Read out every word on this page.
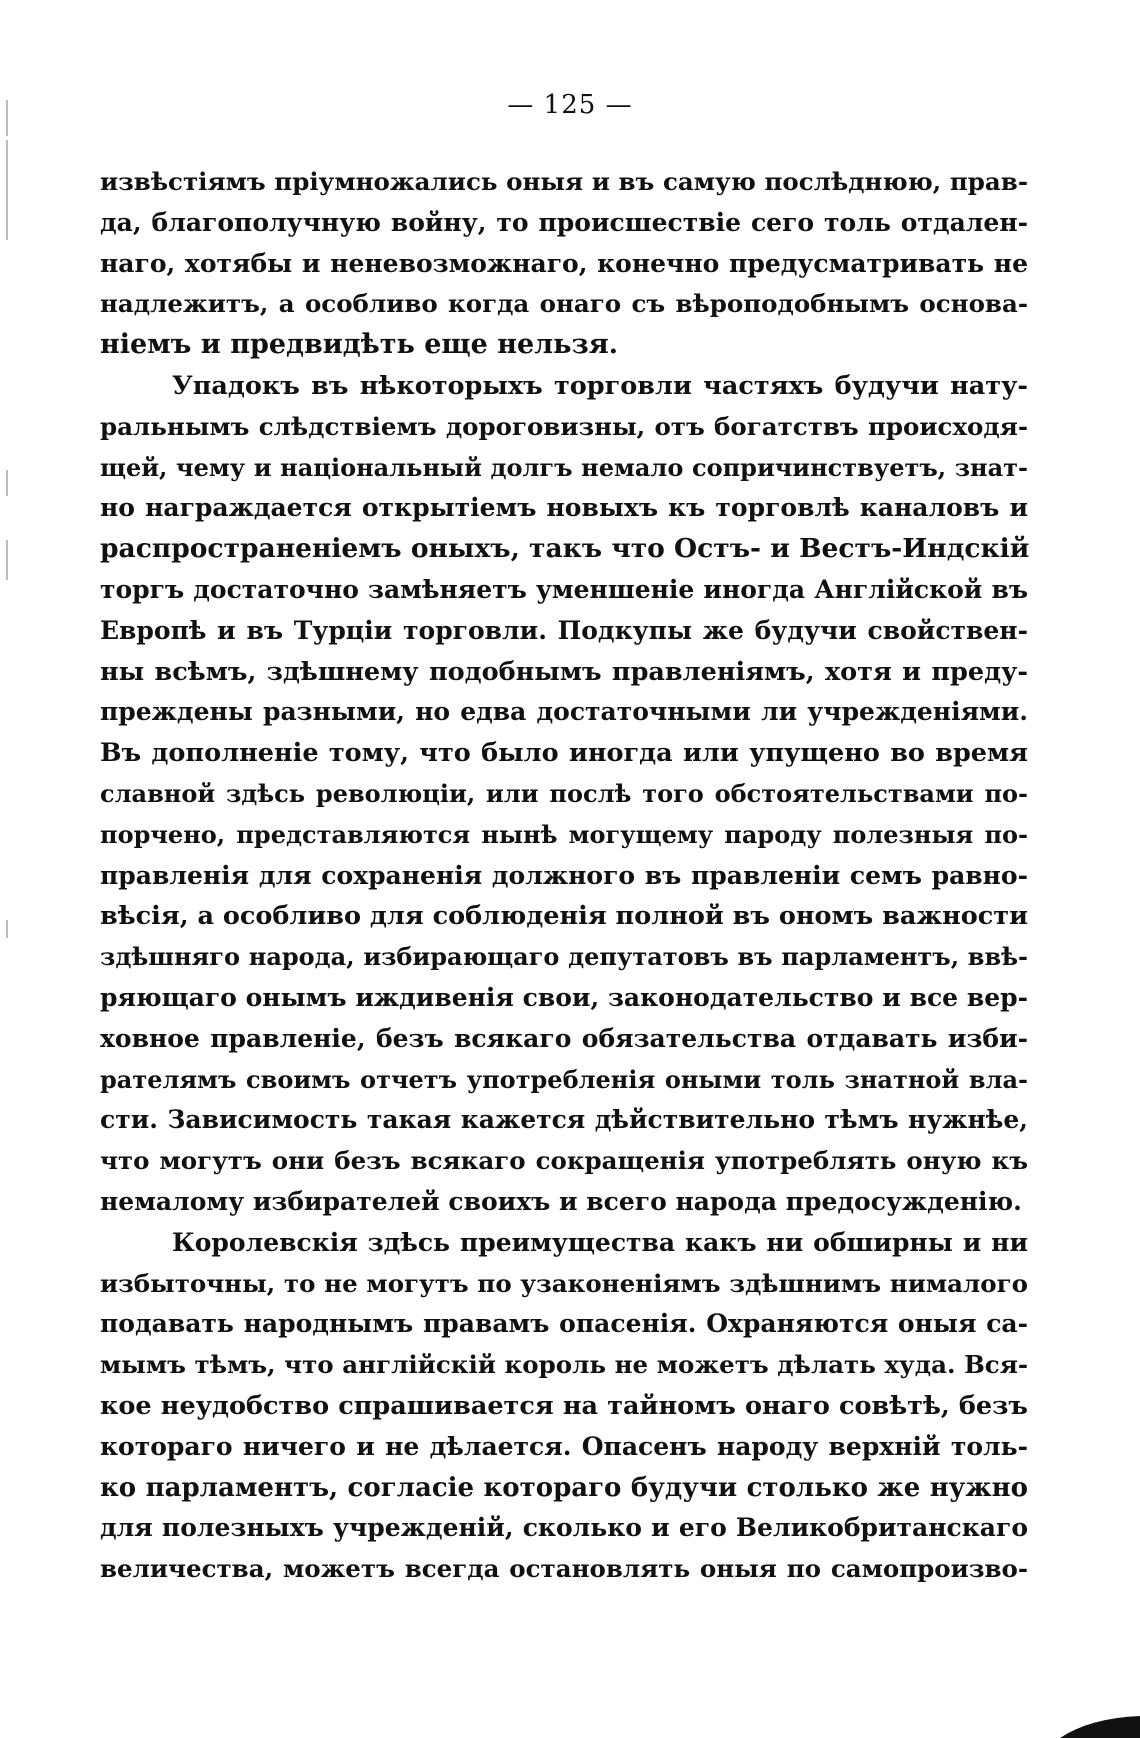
— 125 —
извѣстіямъ пріумножались оныя и въ самую послѣднюю, прав-
да, благополучную войну, то происшествіе сего толь отдален-
наго, хотябы и неневозможнаго, конечно предусматривать не
надлежитъ, а особливо когда онаго съ вѣроподобнымъ основа-
ніемъ и предвидѣть еще нельзя.
Упадокъ въ нѣкоторыхъ торговли частяхъ будучи нату-
ральнымъ слѣдствіемъ дороговизны, отъ богатствъ происходя-
щей, чему и національный долгъ немало сопричинствуетъ, знат-
но награждается открытіемъ новыхъ къ торговлѣ каналовъ и
распространеніемъ оныхъ, такъ что Остъ- и Вестъ-Индскій
торгъ достаточно замѣняетъ уменшеніе иногда Англійской въ
Европѣ и въ Турціи торговли. Подкупы же будучи свойствен-
ны всѣмъ, здѣшнему подобнымъ правленіямъ, хотя и преду-
преждены разными, но едва достаточными ли учрежденіями.
Въ дополненіе тому, что было иногда или упущено во время
славной здѣсь революціи, или послѣ того обстоятельствами по-
порчено, представляются нынѣ могущему пароду полезныя по-
правленія для сохраненія должного въ правленіи семъ равно-
вѣсія, а особливо для соблюденія полной въ ономъ важности
здѣшняго народа, избирающаго депутатовъ въ парламентъ, ввѣ-
ряющаго онымъ иждивенія свои, законодательство и все вер-
ховное правленіе, безъ всякаго обязательства отдавать изби-
рателямъ своимъ отчетъ употребленія оными толь знатной вла-
сти. Зависимость такая кажется дѣйствительно тѣмъ нужнѣе,
что могутъ они безъ всякаго сокращенія употреблять оную къ
немалому избирателей своихъ и всего народа предосужденію.
Королевскія здѣсь преимущества какъ ни обширны и ни
избыточны, то не могутъ по узаконеніямъ здѣшнимъ нималого
подавать народнымъ правамъ опасенія. Охраняются оныя са-
мымъ тѣмъ, что англійскій король не можетъ дѣлать худа. Вся-
кое неудобство спрашивается на тайномъ онаго совѣтѣ, безъ
котораго ничего и не дѣлается. Опасенъ народу верхній толь-
ко парламентъ, согласіе котораго будучи столько же нужно
для полезныхъ учрежденій, сколько и его Великобританскаго
величества, можетъ всегда остановлять оныя по самопроизво-
